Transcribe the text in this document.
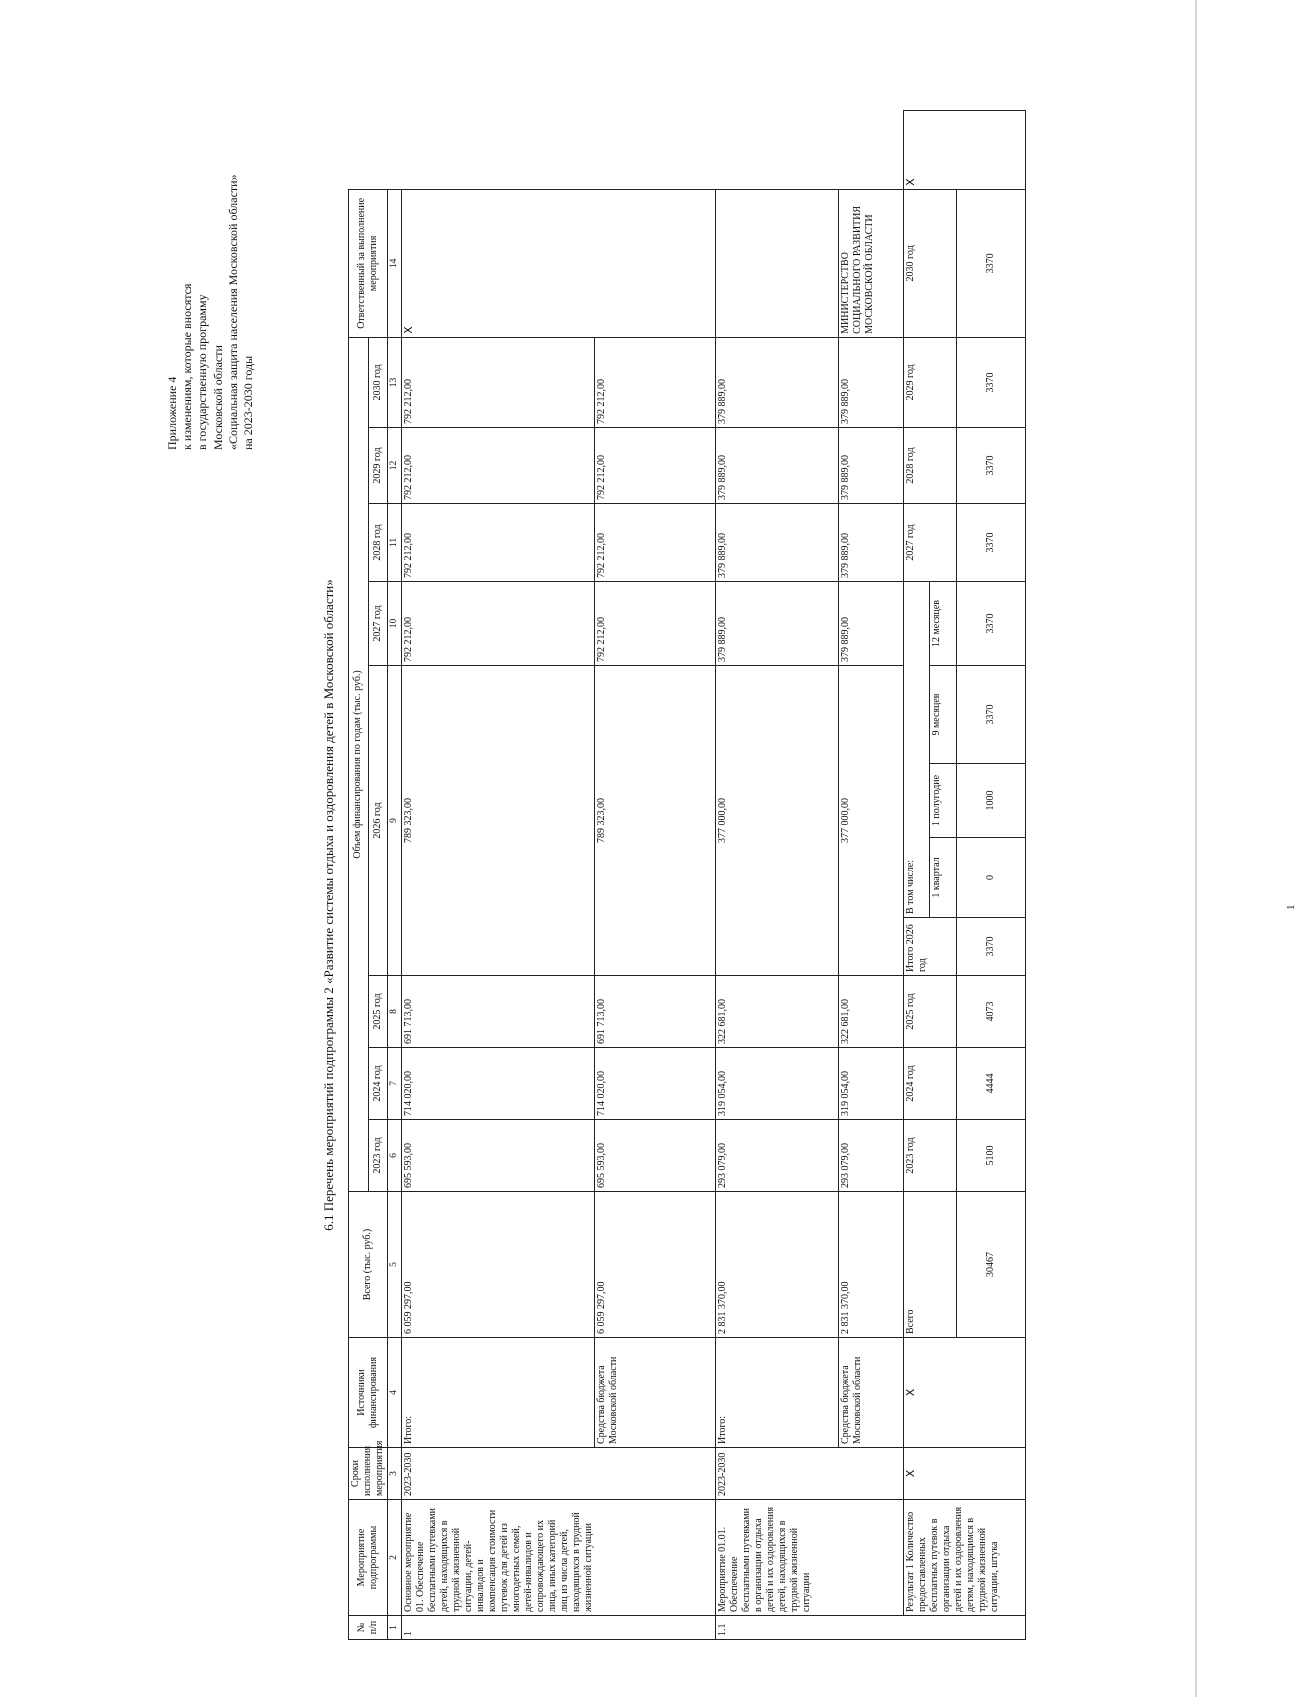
Приложение 4 к изменениям, которые вносятся в государственную программу Московской области «Социальная защита населения Московской области» на 2023-2030 годы
6.1 Перечень мероприятий подпрограммы 2 «Развитие системы отдыха и оздоровления детей в Московской области»
№ п/п	Мероприятие подпрограммы	Сроки исполнения мероприятия	Источники финансирования	Всего (тыс. руб.)	Объем финансирования по годам (тыс. руб.)											Ответственный за выполнение мероприятия	
					2023 год	2024 год	2025 год	2026 год				2027 год	2028 год	2029 год	2030 год		
1	2	3	4	5	6	7	8	9				10	11	12	13	14	
1	Основное мероприятие 01. Обеспечение бесплатными путевками детей, находящихся в трудной жизненной ситуации, детей-инвалидов и компенсация стоимости путевок для детей из многодетных семей, детей-инвалидов и сопровождающего их лица, иных категорий лиц из числа детей, находящихся в трудной жизненной ситуации	2023-2030	Итого:	6 059 297,00	695 593,00	714 020,00	691 713,00	789 323,00				792 212,00	792 212,00	792 212,00	792 212,00	X	
			Средства бюджета Московской области	6 059 297,00	695 593,00	714 020,00	691 713,00	789 323,00				792 212,00	792 212,00	792 212,00	792 212,00		
1.1	Мероприятие 01.01. Обеспечение бесплатными путевками в организации отдыха детей и их оздоровления детей, находящихся в трудной жизненной ситуации	2023-2030	Итого:	2 831 370,00	293 079,00	319 054,00	322 681,00	377 000,00				379 889,00	379 889,00	379 889,00	379 889,00		
			Средства бюджета Московской области	2 831 370,00	293 079,00	319 054,00	322 681,00	377 000,00				379 889,00	379 889,00	379 889,00	379 889,00	МИНИСТЕРСТВО СОЦИАЛЬНОГО РАЗВИТИЯ МОСКОВСКОЙ ОБЛАСТИ	
	Результат 1 Количество предоставленных бесплатных путевок в организации отдыха детей и их оздоровления детям, находящимся в трудной жизненной ситуации, штука	X	X	Всего	2023 год	2024 год	2025 год	Итого 2026 год	В том числе:				2027 год	2028 год	2029 год	2030 год	X
									1 квартал	1 полугодие	9 месяцев	12 месяцев					
				30467	5100	4444	4073	3370	0	1000	3370	3370	3370	3370	3370	3370	
1
